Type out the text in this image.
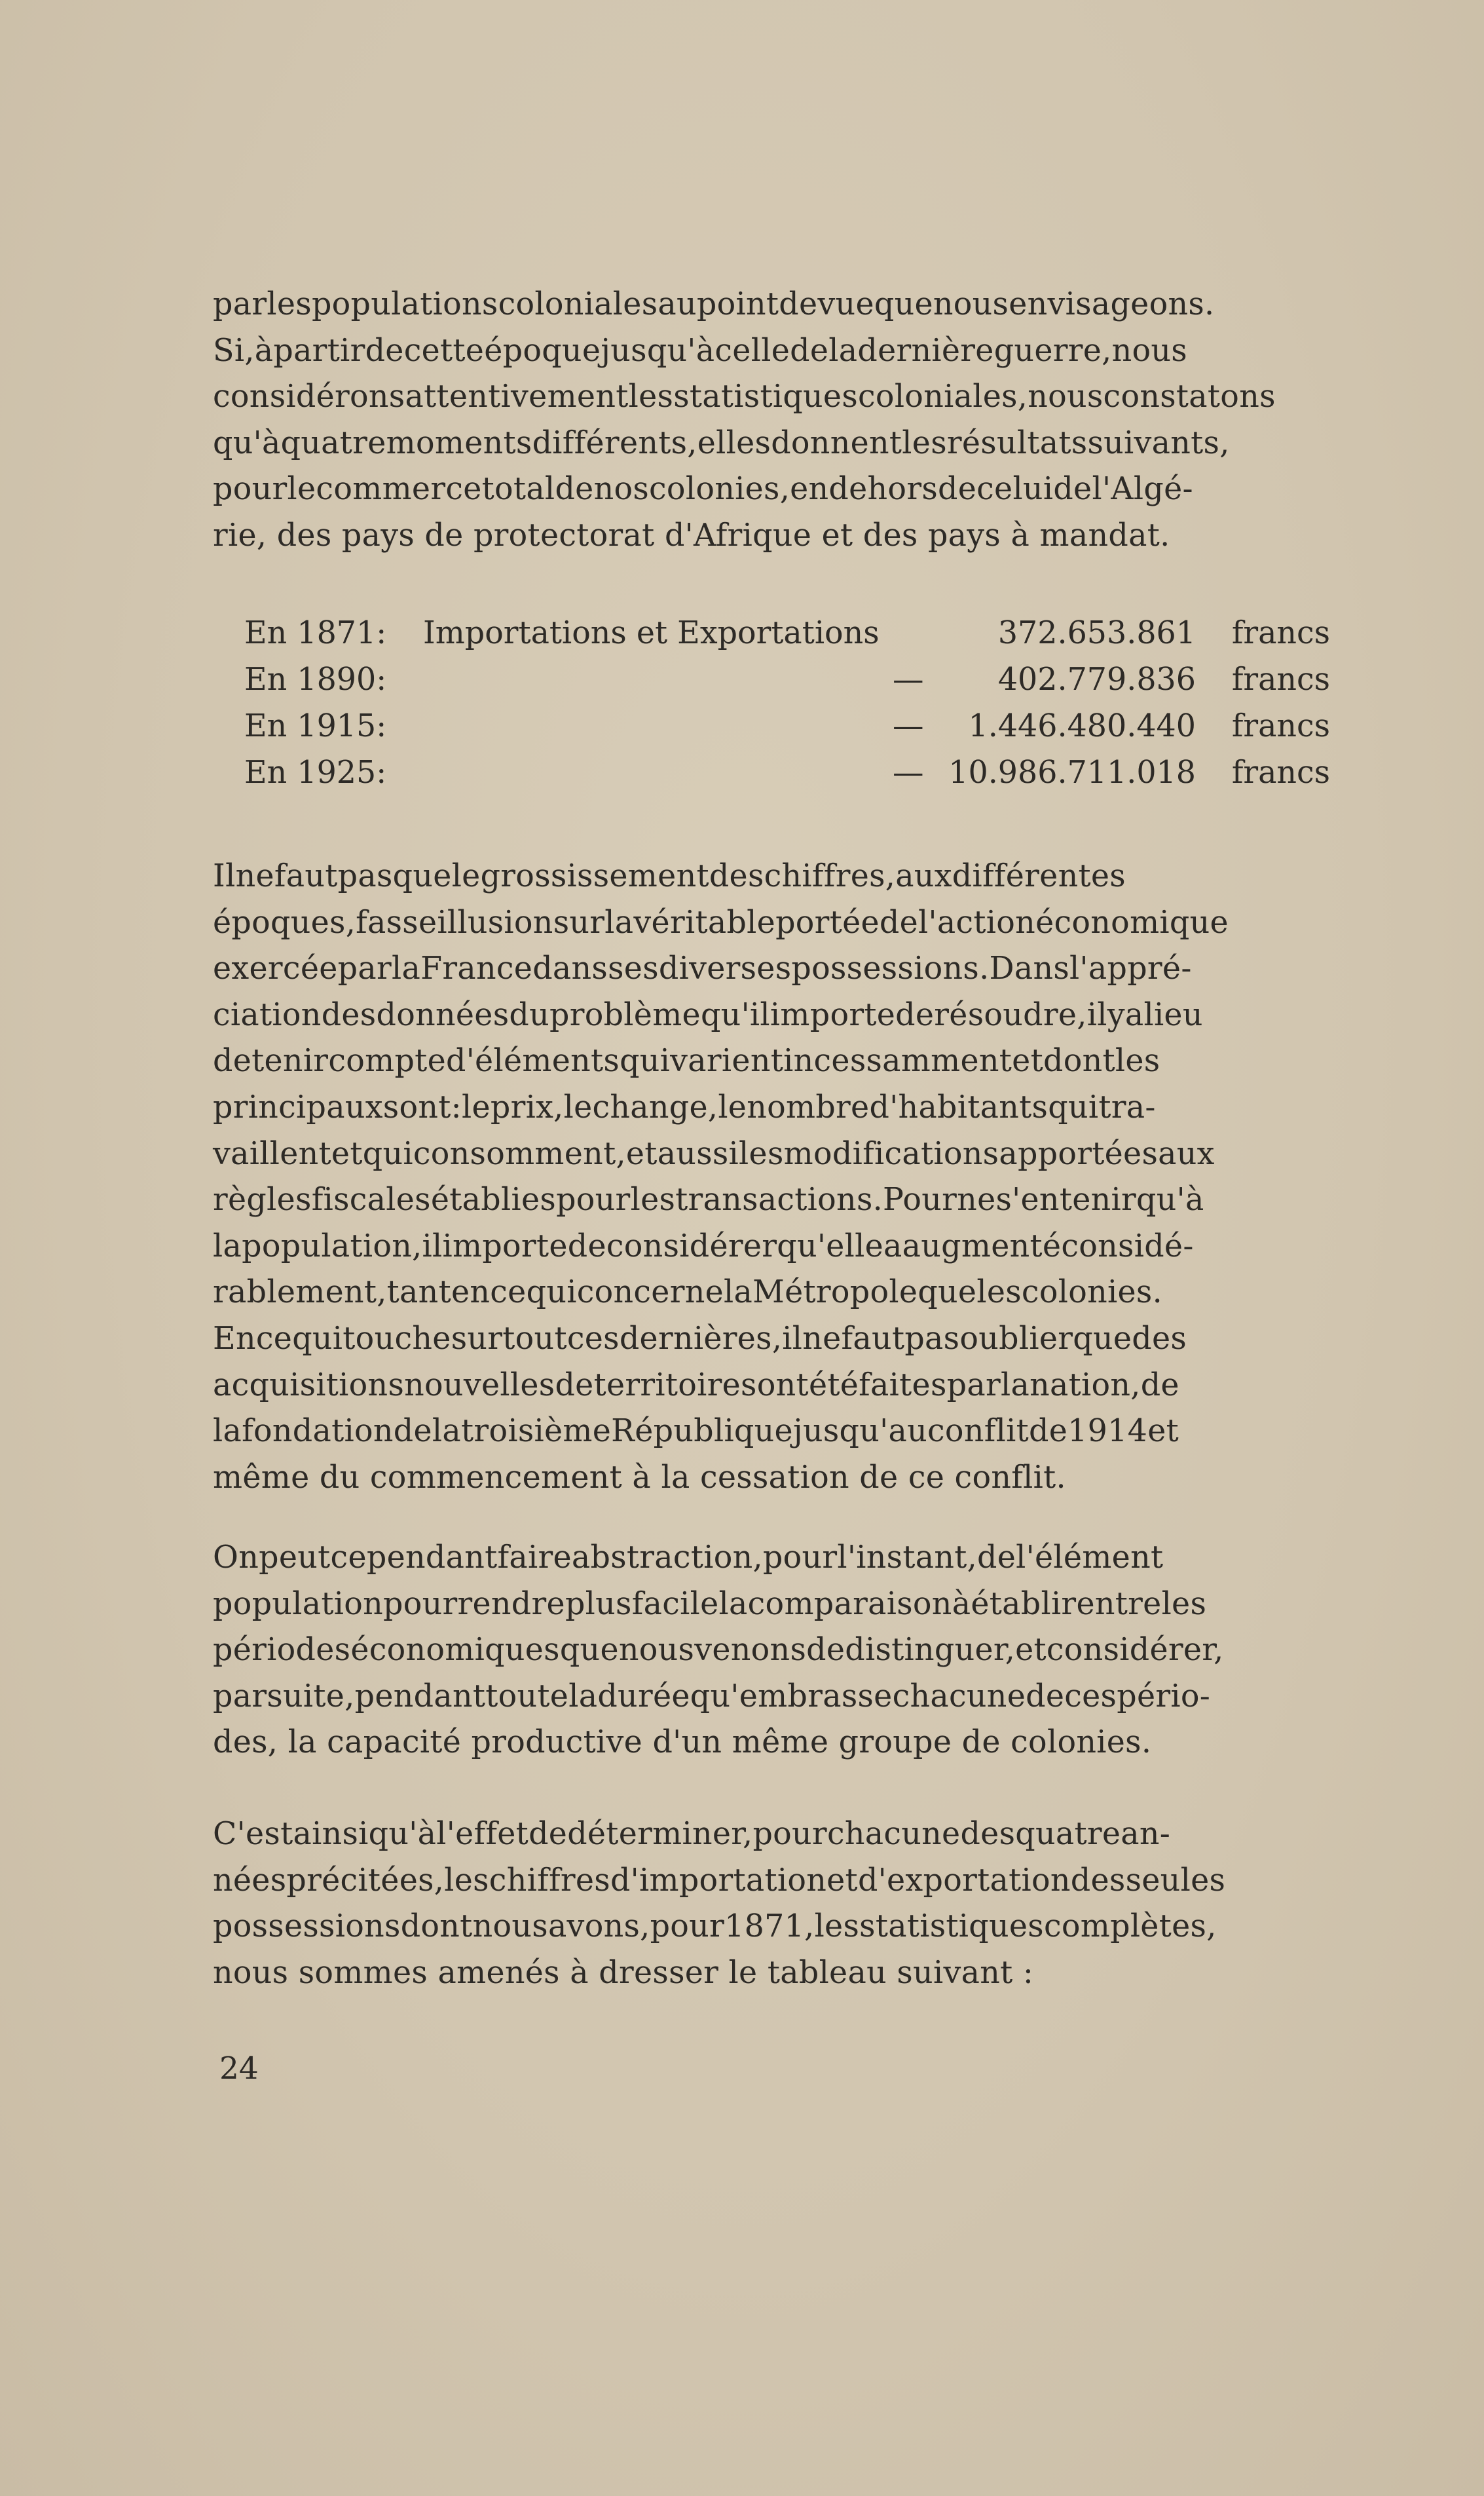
parlespopulationscolonialesaupointdevuequenousenvisageons.
Si,àpartirdecetteépoquejusqu'àcelledeladernièreguerre,nous
considéronsattentivementlesstatistiquescoloniales,nousconstatons
qu'àquatremomentsdifférents,ellesdonnentlesrésultatssuivants,
pourlecommercetotaldenoscolonies,endehorsdeceluidel'Algé-
rie, des pays de protectorat d'Afrique et des pays à mandat.
En 1871: Importations et Exportations	372.653.861 francs
En 1890:	— 402.779.836 francs
En 1915:	— 1.446.480.440 francs
En 1925:	— 10.986.711.018 francs
Ilnefautpasquelegrossissementdeschiffres,auxdifférentes
époques,fasseillusionsurlavéritableportéedel'actionéconomique
exercéeparlaFrancedanssesdiversespossessions.Dansl'appré-
ciationdesdonnéesduproblèmequ'ilimportederésoudre,ilyalieu
detenircompted'élémentsquivarientincessammentetdontles
principauxsont:leprix,lechange,lenombred'habitantsquitra-
vaillentetquiconsomment,etaussilesmodificationsapportéesaux
règlesfiscalesétabliespourlestransactions.Pournes'entenirqu'à
lapopulation,ilimportedeconsidérerqu'elleaaugmentéconsidé-
rablement,tantencequiconcernelaMétropolequelescolonies.
Encequitouchesurtoutcesdernières,ilnefautpasoublierquedes
acquisitionsnouvellesdeterritoiresontétéfaitesparlanation,de
lafondationdelatroisièmeRépubliquejusqu'auconflitde1914et
même du commencement à la cessation de ce conflit.
Onpeutcependantfaireabstraction,pourl'instant,del'élément
populationpourrendreplusfacilelacomparaisonàétablirentreles
périodeséconomiquesquenousvenonsdedistinguer,etconsidérer,
parsuite,pendanttouteladuréequ'embrassechacunedecespério-
des, la capacité productive d'un même groupe de colonies.
C'estainsiqu'àl'effetdedéterminer,pourchacunedesquatrean-
néesprécitées,leschiffresd'importationetd'exportationdesseules
possessionsdontnousavons,pour1871,lesstatistiquescomplètes,
nous sommes amenés à dresser le tableau suivant :
24
